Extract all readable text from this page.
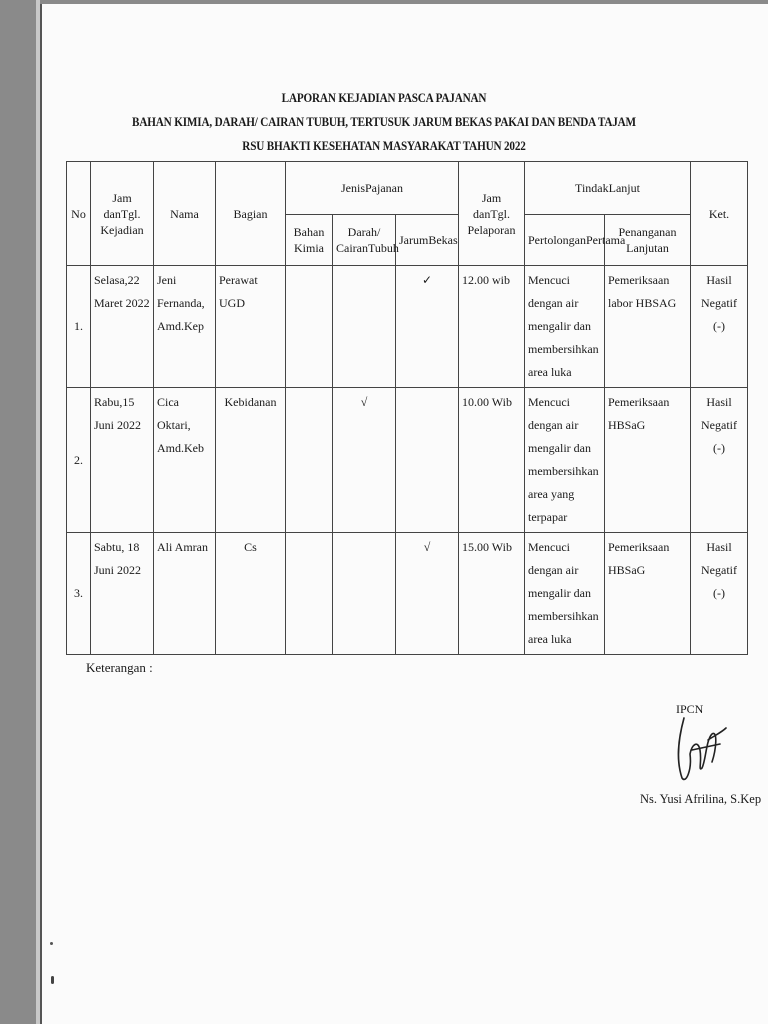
LAPORAN KEJADIAN PASCA PAJANAN
BAHAN KIMIA, DARAH/ CAIRAN TUBUH, TERTUSUK JARUM BEKAS PAKAI DAN BENDA TAJAM
RSU BHAKTI KESEHATAN MASYARAKAT TAHUN 2022
No	Jam danTgl. Kejadian	Nama	Bagian	JenisPajanan			Jam danTgl. Pelaporan	TindakLanjut		Ket.
				Bahan Kimia	Darah/ CairanTubuh	JarumBekas		PertolonganPertama	Penanganan Lanjutan	
1.	Selasa,22 Maret 2022	Jeni Fernanda, Amd.Kep	Perawat UGD			✓	12.00 wib	Mencuci dengan air mengalir dan membersihkan area luka	Pemeriksaan labor HBSAG	Hasil Negatif (-)
2.	Rabu,15 Juni 2022	Cica Oktari, Amd.Keb	Kebidanan		√		10.00 Wib	Mencuci dengan air mengalir dan membersihkan area yang terpapar	Pemeriksaan HBSaG	Hasil Negatif (-)
3.	Sabtu, 18 Juni 2022	Ali Amran	Cs			√	15.00 Wib	Mencuci dengan air mengalir dan membersihkan area luka	Pemeriksaan HBSaG	Hasil Negatif (-)
Keterangan :
IPCN
Ns. Yusi Afrilina, S.Kep
